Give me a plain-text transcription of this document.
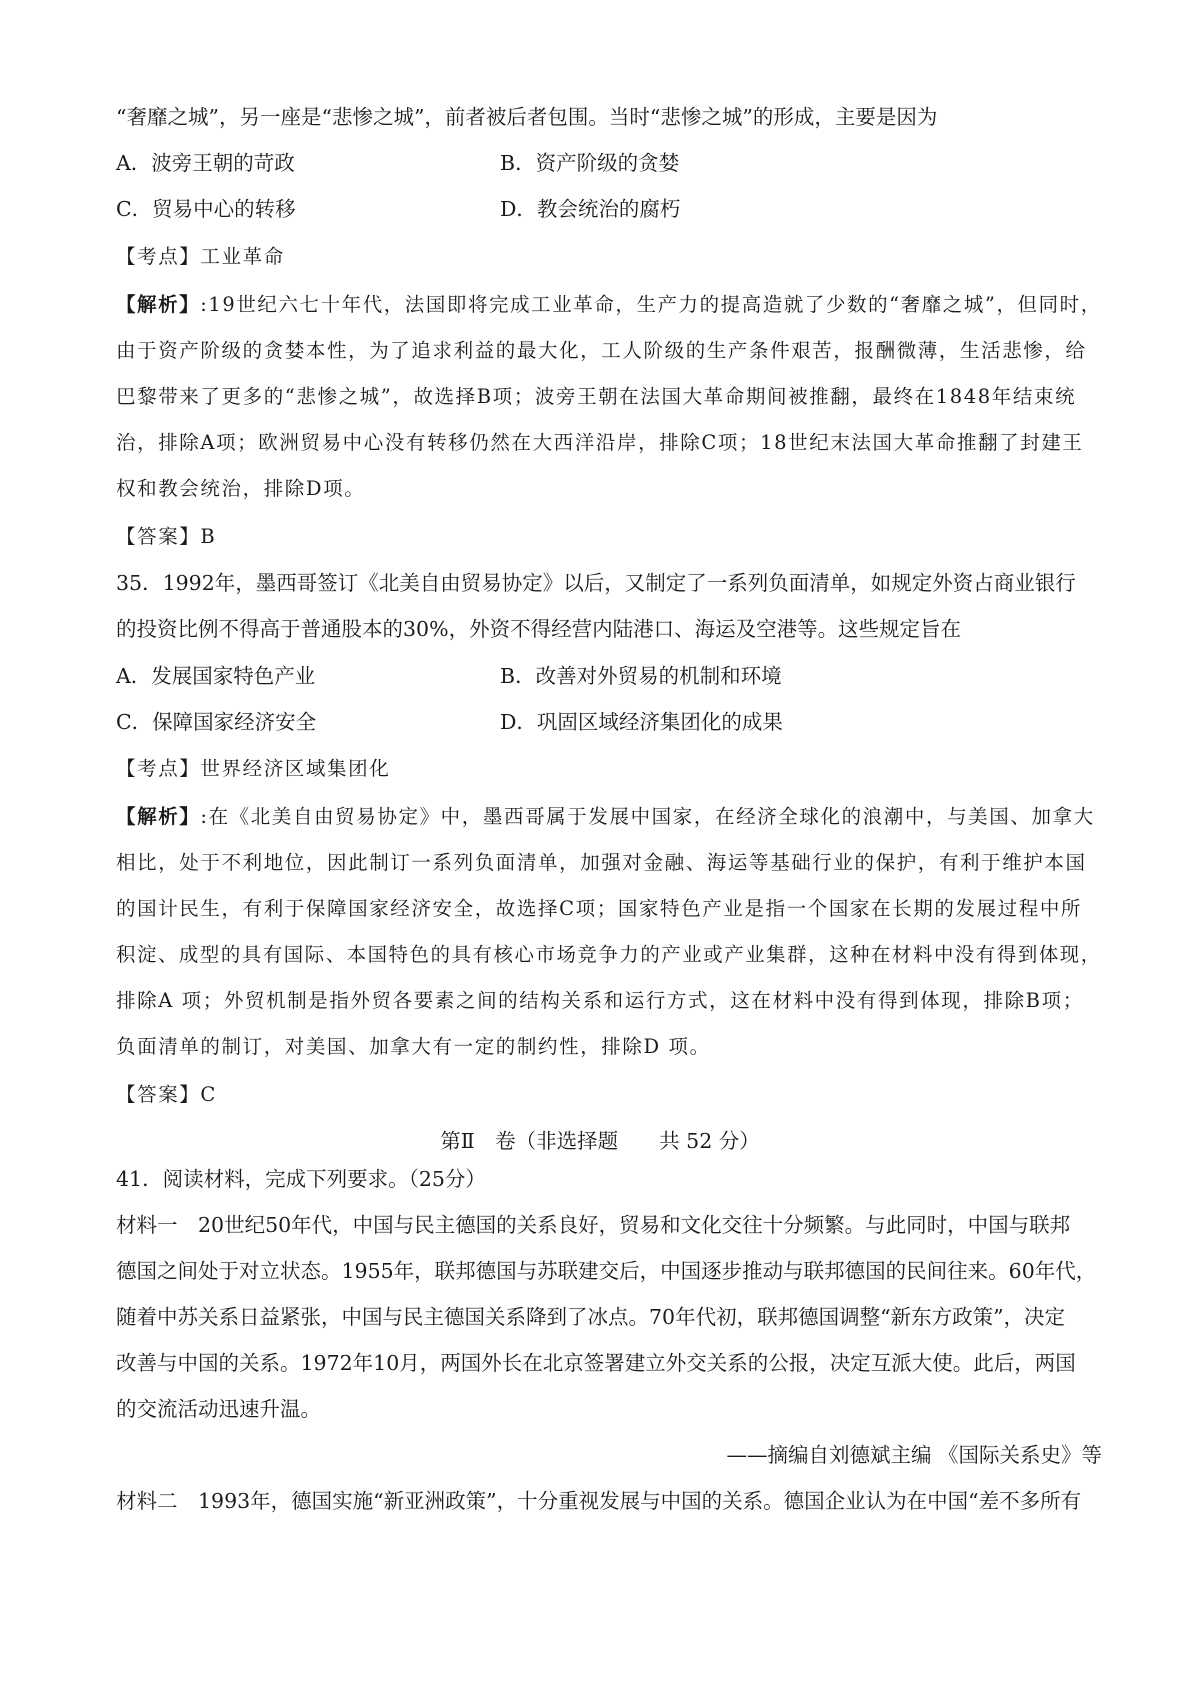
“奢靡之城”，另一座是“悲惨之城”，前者被后者包围。当时“悲惨之城”的形成，主要是因为
A．波旁王朝的苛政	B．资产阶级的贪婪
C．贸易中心的转移	D．教会统治的腐朽
【考点】工业革命
【解析】:19世纪六七十年代，法国即将完成工业革命，生产力的提高造就了少数的“奢靡之城”，但同时，
由于资产阶级的贪婪本性，为了追求利益的最大化，工人阶级的生产条件艰苦，报酬微薄，生活悲惨，给
巴黎带来了更多的“悲惨之城”，故选择B项；波旁王朝在法国大革命期间被推翻，最终在1848年结束统
治，排除A项；欧洲贸易中心没有转移仍然在大西洋沿岸，排除C项；18世纪末法国大革命推翻了封建王
权和教会统治，排除D项。
【答案】B
35．1992年，墨西哥签订《北美自由贸易协定》以后，又制定了一系列负面清单，如规定外资占商业银行
的投资比例不得高于普通股本的30%，外资不得经营内陆港口、海运及空港等。这些规定旨在
A．发展国家特色产业	B．改善对外贸易的机制和环境
C．保障国家经济安全	D．巩固区域经济集团化的成果
【考点】世界经济区域集团化
【解析】:在《北美自由贸易协定》中，墨西哥属于发展中国家，在经济全球化的浪潮中，与美国、加拿大
相比，处于不利地位，因此制订一系列负面清单，加强对金融、海运等基础行业的保护，有利于维护本国
的国计民生，有利于保障国家经济安全，故选择C项；国家特色产业是指一个国家在长期的发展过程中所
积淀、成型的具有国际、本国特色的具有核心市场竞争力的产业或产业集群，这种在材料中没有得到体现，
排除A 项；外贸机制是指外贸各要素之间的结构关系和运行方式，这在材料中没有得到体现，排除B项；
负面清单的制订，对美国、加拿大有一定的制约性，排除D 项。
【答案】C
第Ⅱ　卷（非选择题　　共 52 分）
41．阅读材料，完成下列要求。（25分）
材料一　20世纪50年代，中国与民主德国的关系良好，贸易和文化交往十分频繁。与此同时，中国与联邦
德国之间处于对立状态。1955年，联邦德国与苏联建交后，中国逐步推动与联邦德国的民间往来。60年代，
随着中苏关系日益紧张，中国与民主德国关系降到了冰点。70年代初，联邦德国调整“新东方政策”，决定
改善与中国的关系。1972年10月，两国外长在北京签署建立外交关系的公报，决定互派大使。此后，两国
的交流活动迅速升温。
——摘编自刘德斌主编 《国际关系史》等
材料二　1993年，德国实施“新亚洲政策”，十分重视发展与中国的关系。德国企业认为在中国“差不多所有
